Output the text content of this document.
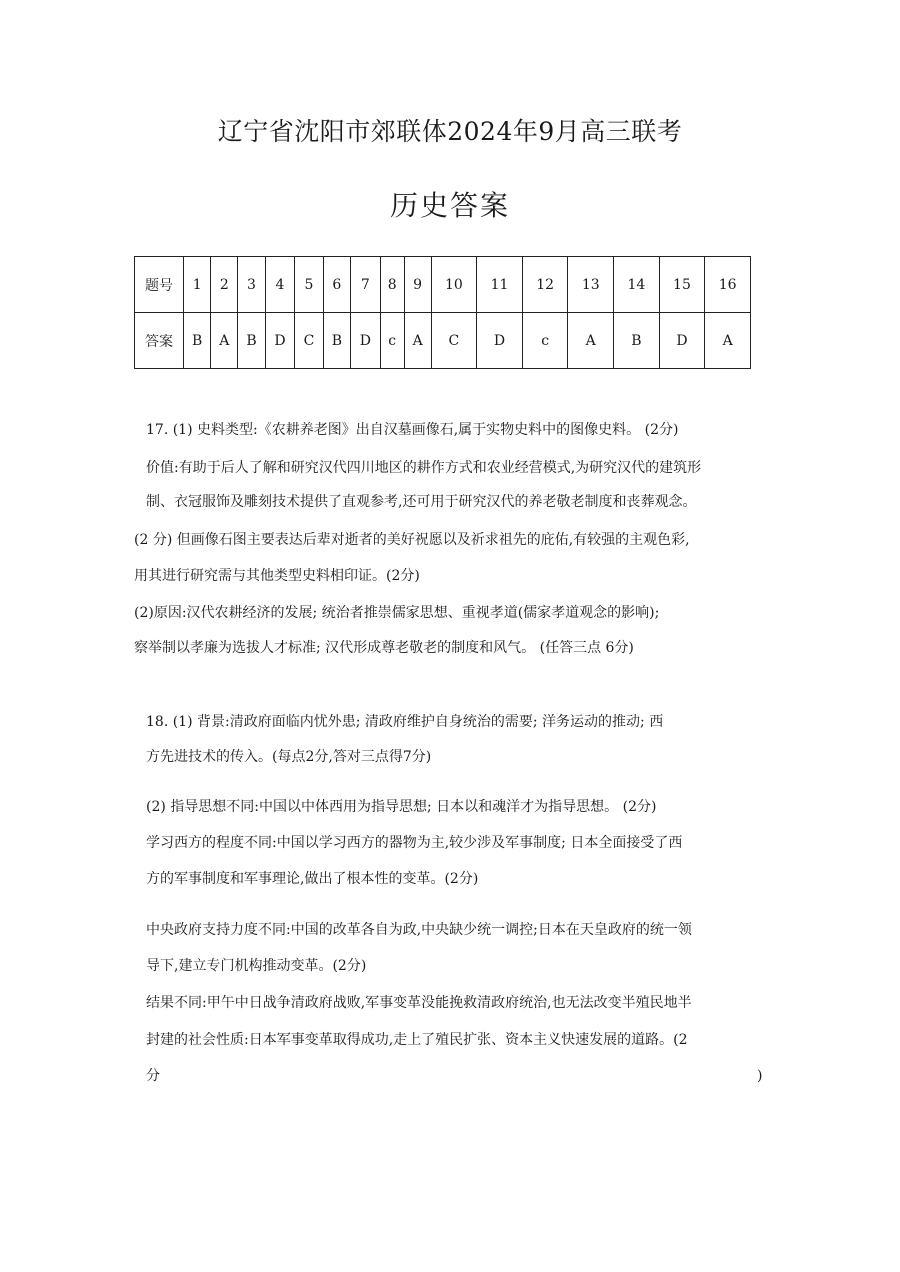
辽宁省沈阳市郊联体2024年9月高三联考
历史答案
题号	1	2	3	4	5	6	7	8	9	10	11	12	13	14	15	16
答案	B	A	B	D	C	B	D	c	A	C	D	c	A	B	D	A
17. (1) 史料类型:《农耕养老图》出自汉墓画像石,属于实物史料中的图像史料。 (2分)
价值:有助于后人了解和研究汉代四川地区的耕作方式和农业经营模式,为研究汉代的建筑形
制、衣冠服饰及雕刻技术提供了直观参考,还可用于研究汉代的养老敬老制度和丧葬观念。
(2 分) 但画像石图主要表达后辈对逝者的美好祝愿以及祈求祖先的庇佑,有较强的主观色彩,
用其进行研究需与其他类型史料相印证。(2分)
(2)原因:汉代农耕经济的发展; 统治者推崇儒家思想、重视孝道(儒家孝道观念的影响);
察举制以孝廉为选拔人才标准; 汉代形成尊老敬老的制度和风气。 (任答三点 6分)
18. (1) 背景:清政府面临内忧外患; 清政府维护自身统治的需要; 洋务运动的推动; 西
方先进技术的传入。(每点2分,答对三点得7分)
(2) 指导思想不同:中国以中体西用为指导思想; 日本以和魂洋才为指导思想。 (2分)
学习西方的程度不同:中国以学习西方的器物为主,较少涉及军事制度; 日本全面接受了西
方的军事制度和军事理论,做出了根本性的变革。(2分)
中央政府支持力度不同:中国的改革各自为政,中央缺少统一调控;日本在天皇政府的统一领
导下,建立专门机构推动变革。(2分)
结果不同:甲午中日战争清政府战败,军事变革没能挽救清政府统治,也无法改变半殖民地半
封建的社会性质:日本军事变革取得成功,走上了殖民扩张、资本主义快速发展的道路。(2
分	)
